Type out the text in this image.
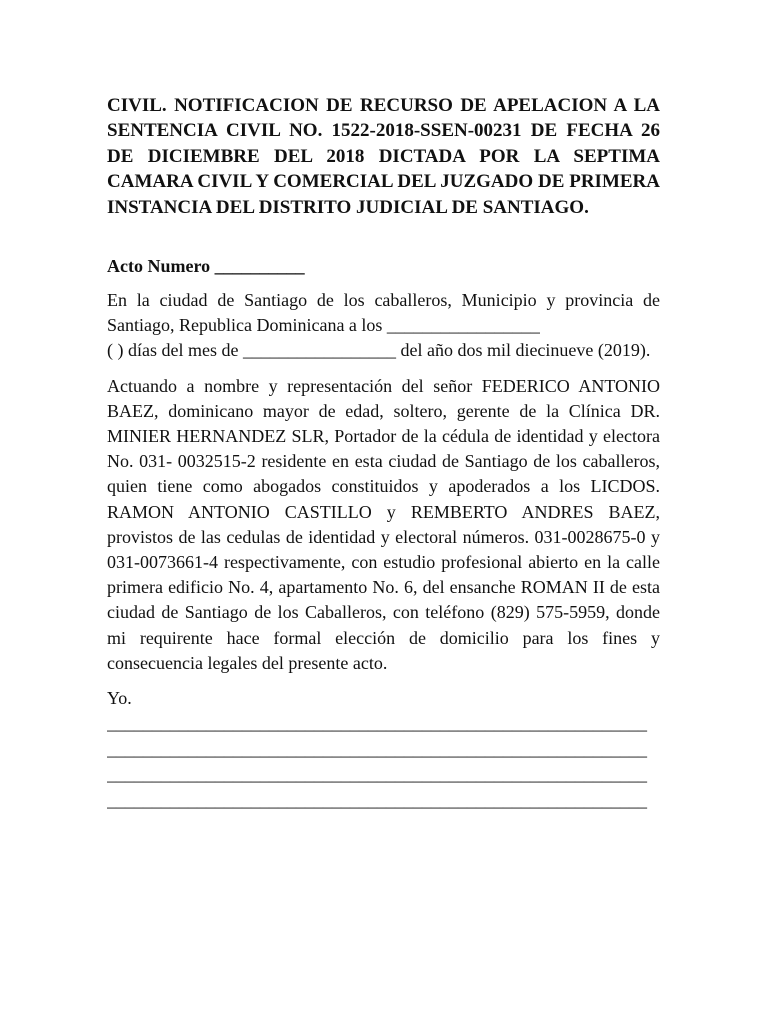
CIVIL. NOTIFICACION DE RECURSO DE APELACION A LA SENTENCIA CIVIL NO. 1522-2018-SSEN-00231 DE FECHA 26 DE DICIEMBRE DEL 2018 DICTADA POR LA SEPTIMA CAMARA CIVIL Y COMERCIAL DEL JUZGADO DE PRIMERA INSTANCIA DEL DISTRITO JUDICIAL DE SANTIAGO.
Acto Numero __________

En la ciudad de Santiago de los caballeros, Municipio y provincia de Santiago, Republica Dominicana a los _________________

( ) días del mes de _________________ del año dos mil diecinueve (2019).

Actuando a nombre y representación del señor FEDERICO ANTONIO BAEZ, dominicano mayor de edad, soltero, gerente de la Clínica DR. MINIER HERNANDEZ SLR, Portador de la cédula de identidad y electora No. 031- 0032515-2 residente en esta ciudad de Santiago de los caballeros, quien tiene como abogados constituidos y apoderados a los LICDOS. RAMON ANTONIO CASTILLO y REMBERTO ANDRES BAEZ, provistos de las cedulas de identidad y electoral números. 031-0028675-0 y 031-0073661-4 respectivamente, con estudio profesional abierto en la calle primera edificio No. 4, apartamento No. 6, del ensanche ROMAN II de esta ciudad de Santiago de los Caballeros, con teléfono (829) 575-5959, donde mi requirente hace formal elección de domicilio para los fines y consecuencia legales del presente acto.
Yo.
____________________________________________________________
____________________________________________________________
____________________________________________________________
____________________________________________________________
